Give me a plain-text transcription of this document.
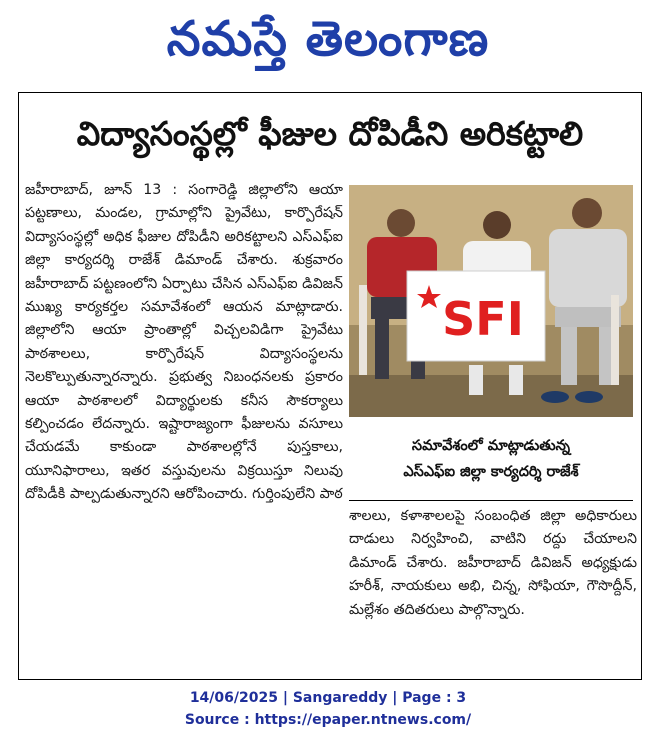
నమస్తే తెలంగాణ
విద్యాసంస్థల్లో ఫీజుల దోపిడీని అరికట్టాలి

జహీరాబాద్, జూన్ 13 : సంగారెడ్డి జిల్లాలోని ఆయా పట్టణాలు, మండల, గ్రామాల్లోని ప్రైవేటు, కార్పొరేషన్ విద్యాసంస్థల్లో అధిక ఫీజుల దోపిడీని అరికట్టాలని ఎస్‌ఎఫ్‌ఐ జిల్లా కార్యదర్శి రాజేశ్ డిమాండ్ చేశారు. శుక్రవారం జహీరాబాద్ పట్టణంలోని ఏర్పాటు చేసిన ఎస్‌ఎఫ్‌ఐ డివిజన్ ముఖ్య కార్యకర్తల సమావేశంలో ఆయన మాట్లాడారు. జిల్లాలోని ఆయా ప్రాంతాల్లో విచ్చలవిడిగా ప్రైవేటు పాఠశాలలు, కార్పొరేషన్ విద్యాసంస్థలను నెలకొల్పుతున్నారన్నారు. ప్రభుత్వ నిబంధనలకు ప్రకారం ఆయా పాఠశాలలో విద్యార్థులకు కనీస సౌకర్యాలు కల్పించడం లేదన్నారు. ఇష్టారాజ్యంగా ఫీజులను వసూలు చేయడమే కాకుండా పాఠశాలల్లోనే పుస్తకాలు, యూనిఫారాలు, ఇతర వస్తువులను విక్రయిస్తూ నిలువు దోపిడీకి పాల్పడుతున్నారని ఆరోపించారు. గుర్తింపులేని పాఠ

SFI
సమావేశంలో మాట్లాడుతున్న
ఎస్‌ఎఫ్‌ఐ జిల్లా కార్యదర్శి రాజేశ్

శాలలు, కళాశాలలపై సంబంధిత జిల్లా అధికారులు దాడులు నిర్వహించి, వాటిని రద్దు చేయాలని డిమాండ్ చేశారు. జహీరాబాద్ డివిజన్ అధ్యక్షుడు హరీశ్, నాయకులు అభి, చిన్న, సోఫియా, గౌసొద్దీన్, మల్లేశం తదితరులు పాల్గొన్నారు.

14/06/2025 | Sangareddy | Page : 3
Source : https://epaper.ntnews.com/
